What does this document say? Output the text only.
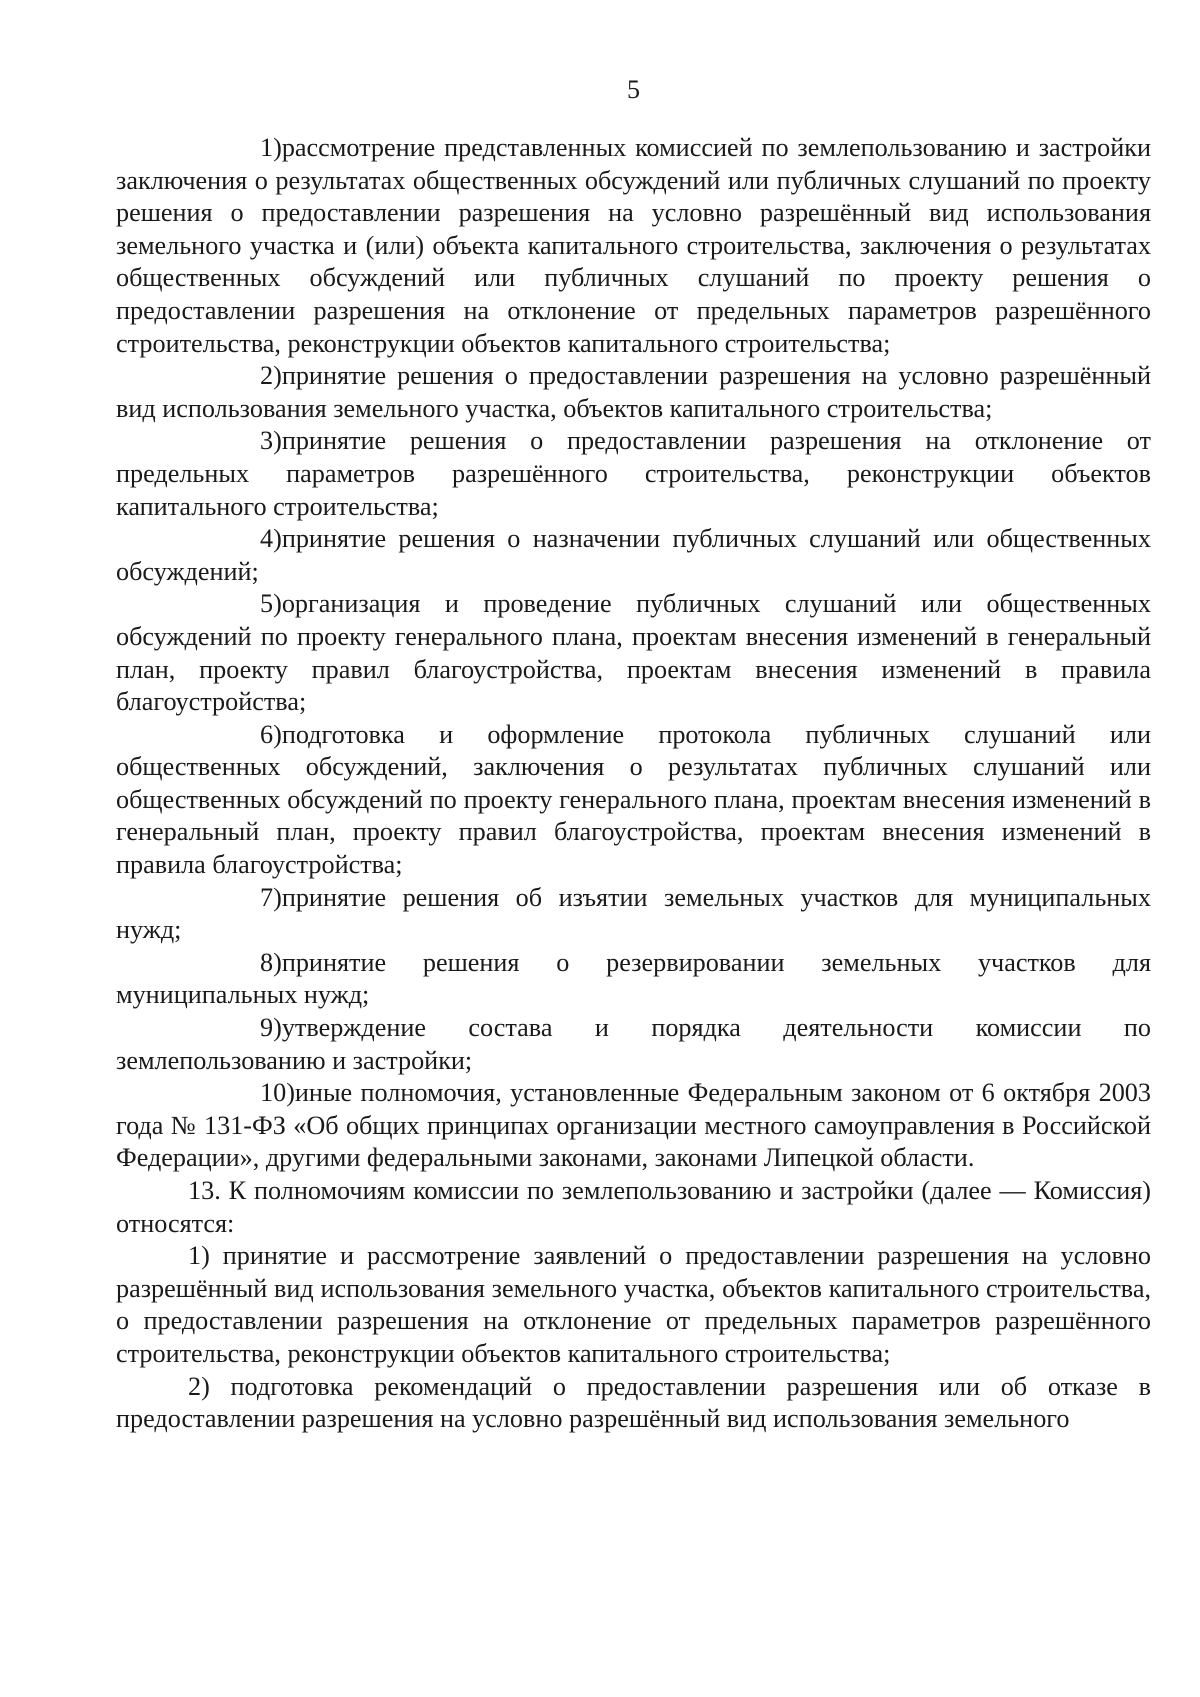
5

1)рассмотрение представленных комиссией по землепользованию и застройки заключения о результатах общественных обсуждений или публичных слушаний по проекту решения о предоставлении разрешения на условно разрешённый вид использования земельного участка и (или) объекта капитального строительства, заключения о результатах общественных обсуждений или публичных слушаний по проекту решения о предоставлении разрешения на отклонение от предельных параметров разрешённого строительства, реконструкции объектов капитального строительства;

2)принятие решения о предоставлении разрешения на условно разрешённый вид использования земельного участка, объектов капитального строительства;

3)принятие решения о предоставлении разрешения на отклонение от предельных параметров разрешённого строительства, реконструкции объектов капитального строительства;

4)принятие решения о назначении публичных слушаний или общественных обсуждений;

5)организация и проведение публичных слушаний или общественных обсуждений по проекту генерального плана, проектам внесения изменений в генеральный план, проекту правил благоустройства, проектам внесения изменений в правила благоустройства;

6)подготовка и оформление протокола публичных слушаний или общественных обсуждений, заключения о результатах публичных слушаний или общественных обсуждений по проекту генерального плана, проектам внесения изменений в генеральный план, проекту правил благоустройства, проектам внесения изменений в правила благоустройства;

7)принятие решения об изъятии земельных участков для муниципальных нужд;

8)принятие решения о резервировании земельных участков для муниципальных нужд;

9)утверждение состава и порядка деятельности комиссии по землепользованию и застройки;

10)иные полномочия, установленные Федеральным законом от 6 октября 2003 года № 131-ФЗ «Об общих принципах организации местного самоуправления в Российской Федерации», другими федеральными законами, законами Липецкой области.

13. К полномочиям комиссии по землепользованию и застройки (далее — Комиссия) относятся:

1) принятие и рассмотрение заявлений о предоставлении разрешения на условно разрешённый вид использования земельного участка, объектов капитального строительства, о предоставлении разрешения на отклонение от предельных параметров разрешённого строительства, реконструкции объектов капитального строительства;

2) подготовка рекомендаций о предоставлении разрешения или об отказе в предоставлении разрешения на условно разрешённый вид использования земельного
